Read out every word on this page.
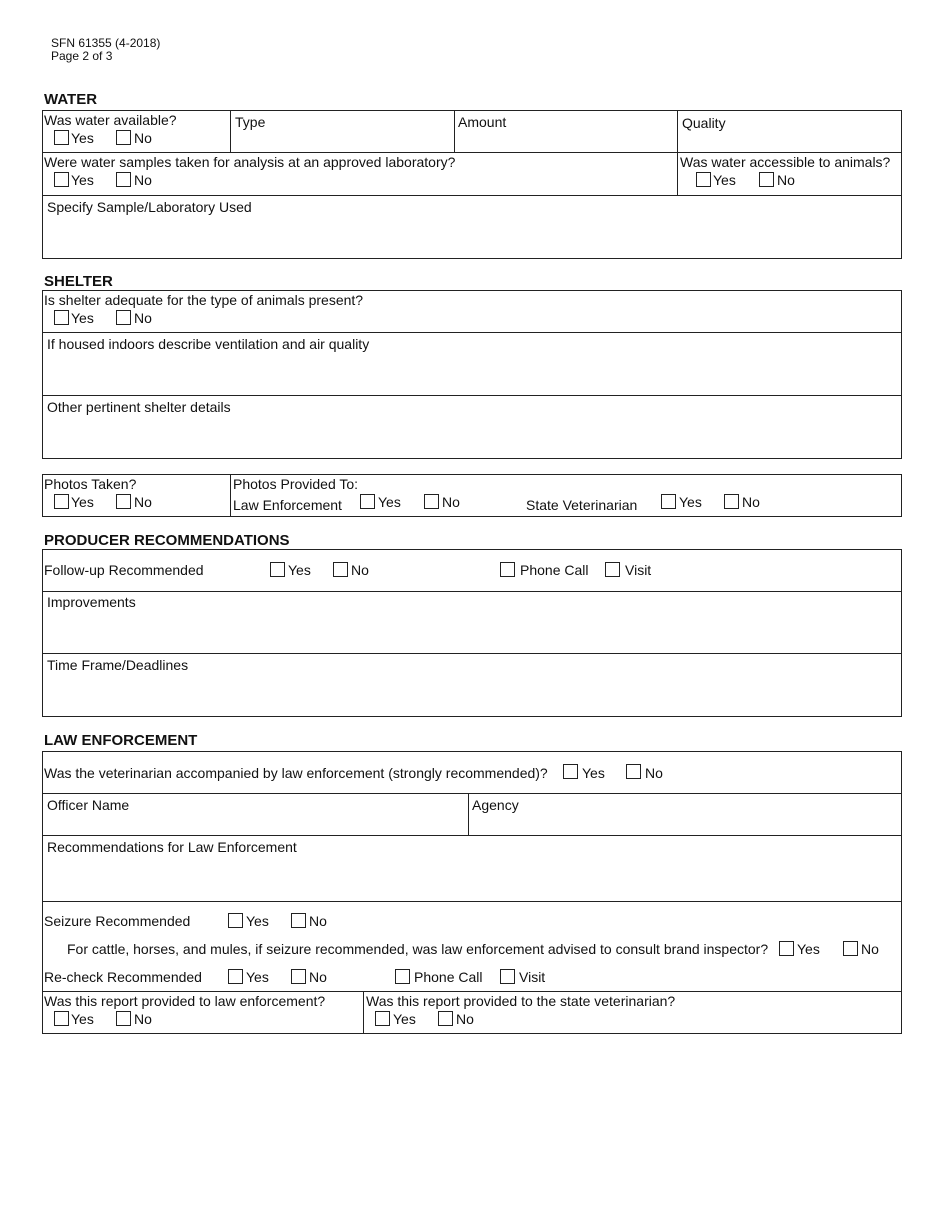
SFN 61355 (4-2018)
Page 2 of 3
WATER
Was water available?
Yes	No
Type	Amount	Quality
Were water samples taken for analysis at an approved laboratory?
Yes	No
Was water accessible to animals?
Yes	No
Specify Sample/Laboratory Used
SHELTER
Is shelter adequate for the type of animals present?
Yes	No
If housed indoors describe ventilation and air quality
Other pertinent shelter details
Photos Taken?
Yes	No
Photos Provided To:
Law Enforcement	Yes	No	State Veterinarian	Yes	No
PRODUCER RECOMMENDATIONS
Follow-up Recommended	Yes	No	Phone Call	Visit
Improvements
Time Frame/Deadlines
LAW ENFORCEMENT
Was the veterinarian accompanied by law enforcement (strongly recommended)? Yes	No
Officer Name	Agency
Recommendations for Law Enforcement
Seizure Recommended	Yes	No
For cattle, horses, and mules, if seizure recommended, was law enforcement advised to consult brand inspector? Yes	No
Re-check Recommended	Yes	No	Phone Call	Visit
Was this report provided to law enforcement?
Yes	No
Was this report provided to the state veterinarian?
Yes	No
